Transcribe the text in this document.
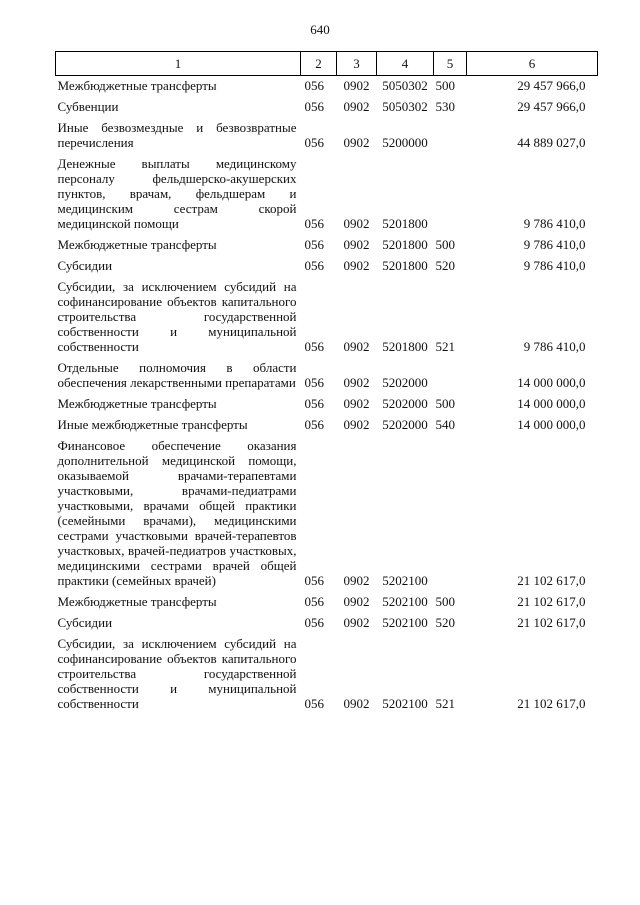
640
1	2	3	4	5	6
Межбюджетные трансферты	056	0902	5050302	500	29 457 966,0
Субвенции	056	0902	5050302	530	29 457 966,0
Иные безвозмездные и безвозвратные перечисления	056	0902	5200000		44 889 027,0
Денежные выплаты медицинскому персоналу фельдшерско-акушерских пунктов, врачам, фельдшерам и медицинским сестрам скорой медицинской помощи	056	0902	5201800		9 786 410,0
Межбюджетные трансферты	056	0902	5201800	500	9 786 410,0
Субсидии	056	0902	5201800	520	9 786 410,0
Субсидии, за исключением субсидий на софинансирование объектов капитального строительства государственной собственности и муниципальной собственности	056	0902	5201800	521	9 786 410,0
Отдельные полномочия в области обеспечения лекарственными препаратами	056	0902	5202000		14 000 000,0
Межбюджетные трансферты	056	0902	5202000	500	14 000 000,0
Иные межбюджетные трансферты	056	0902	5202000	540	14 000 000,0
Финансовое обеспечение оказания дополнительной медицинской помощи, оказываемой врачами-терапевтами участковыми, врачами-педиатрами участковыми, врачами общей практики (семейными врачами), медицинскими сестрами участковыми врачей-терапевтов участковых, врачей-педиатров участковых, медицинскими сестрами врачей общей практики (семейных врачей)	056	0902	5202100		21 102 617,0
Межбюджетные трансферты	056	0902	5202100	500	21 102 617,0
Субсидии	056	0902	5202100	520	21 102 617,0
Субсидии, за исключением субсидий на софинансирование объектов капитального строительства государственной собственности и муниципальной собственности	056	0902	5202100	521	21 102 617,0
